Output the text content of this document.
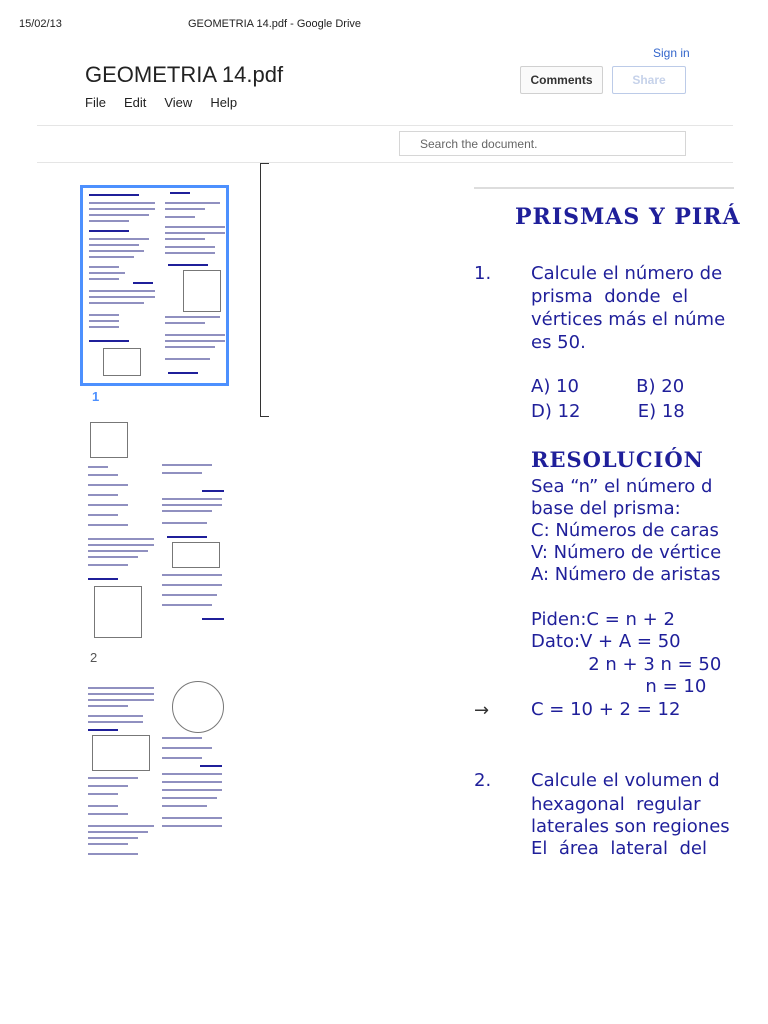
15/02/13	GEOMETRIA 14.pdf - Google Drive
Sign in
GEOMETRIA 14.pdf
File Edit View Help
Comments	Share
Search the document.
1
2
PRISMAS Y PIRÁ
1. Calcule el número de
prisma  donde  el
vértices más el núme
es 50.
A) 10          B) 20
D) 12          E) 18
RESOLUCIÓN
Sea “n” el número d
base del prisma:
C: Números de caras
V: Número de vértice
A: Número de aristas
Piden:C = n + 2
Dato:V + A = 50
2 n + 3 n = 50
n = 10
→ C = 10 + 2 = 12
2. Calcule el volumen d
hexagonal  regular
laterales son regiones
El  área  lateral  del
